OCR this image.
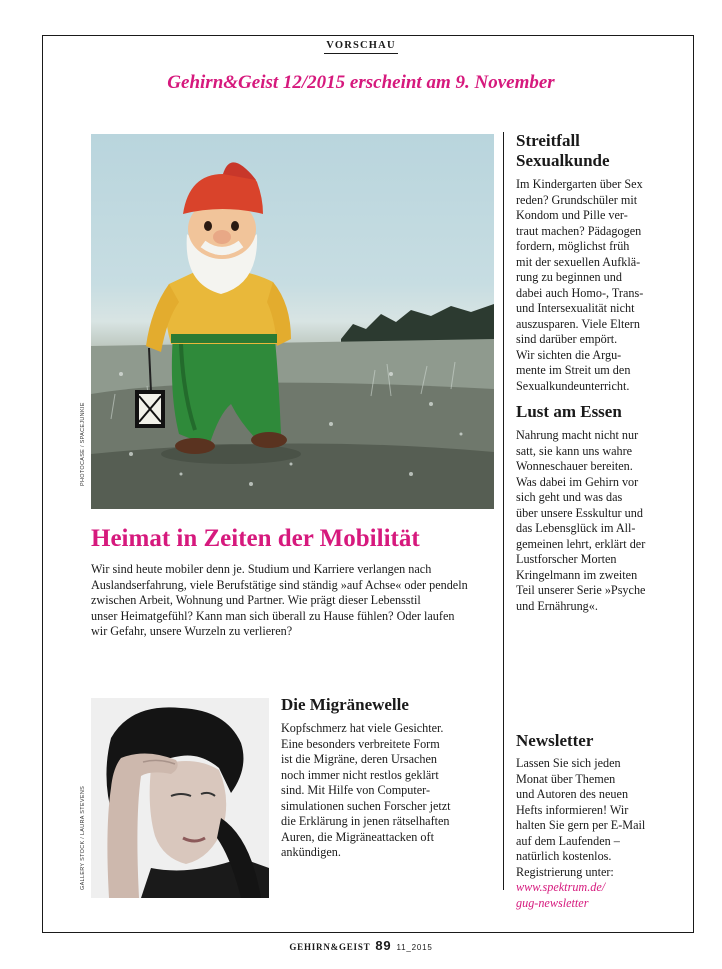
VORSCHAU
Gehirn&Geist 12/2015 erscheint am 9. November
PHOTOCASE / SPACEJUNKIE
Heimat in Zeiten der Mobilität

Wir sind heute mobiler denn je. Studium und Karriere verlangen nach
Auslandserfahrung, viele Berufstätige sind ständig »auf Achse« oder pendeln
zwischen Arbeit, Wohnung und Partner. Wie prägt dieser Lebensstil
unser Heimatgefühl? Kann man sich überall zu Hause fühlen? Oder laufen
wir Gefahr, unsere Wurzeln zu verlieren?

GALLERY STOCK / LAURA STEVENS
Die Migränewelle

Kopfschmerz hat viele Gesichter.
Eine besonders verbreitete Form
ist die Migräne, deren Ursachen
noch immer nicht restlos geklärt
sind. Mit Hilfe von Computer-
simulationen suchen Forscher jetzt
die Erklärung in jenen rätselhaften
Auren, die Migräneattacken oft
ankündigen.

Streitfall
Sexualkunde

Im Kindergarten über Sex
reden? Grundschüler mit
Kondom und Pille ver-
traut machen? Pädagogen
fordern, möglichst früh
mit der sexuellen Aufklä-
rung zu beginnen und
dabei auch Homo-, Trans-
und Intersexualität nicht
auszusparen. Viele Eltern
sind darüber empört.
Wir sichten die Argu-
mente im Streit um den
Sexualkundeunterricht.

Lust am Essen

Nahrung macht nicht nur
satt, sie kann uns wahre
Wonneschauer bereiten.
Was dabei im Gehirn vor
sich geht und was das
über unsere Esskultur und
das Lebensglück im All-
gemeinen lehrt, erklärt der
Lustforscher Morten
Kringelmann im zweiten
Teil unserer Serie »Psyche
und Ernährung«.

Newsletter

Lassen Sie sich jeden
Monat über Themen
und Autoren des neuen
Hefts informieren! Wir
halten Sie gern per E-Mail
auf dem Laufenden –
natürlich kostenlos.
Registrierung unter:
www.spektrum.de/
gug-newsletter

GEHIRN&GEIST 89 11_2015
